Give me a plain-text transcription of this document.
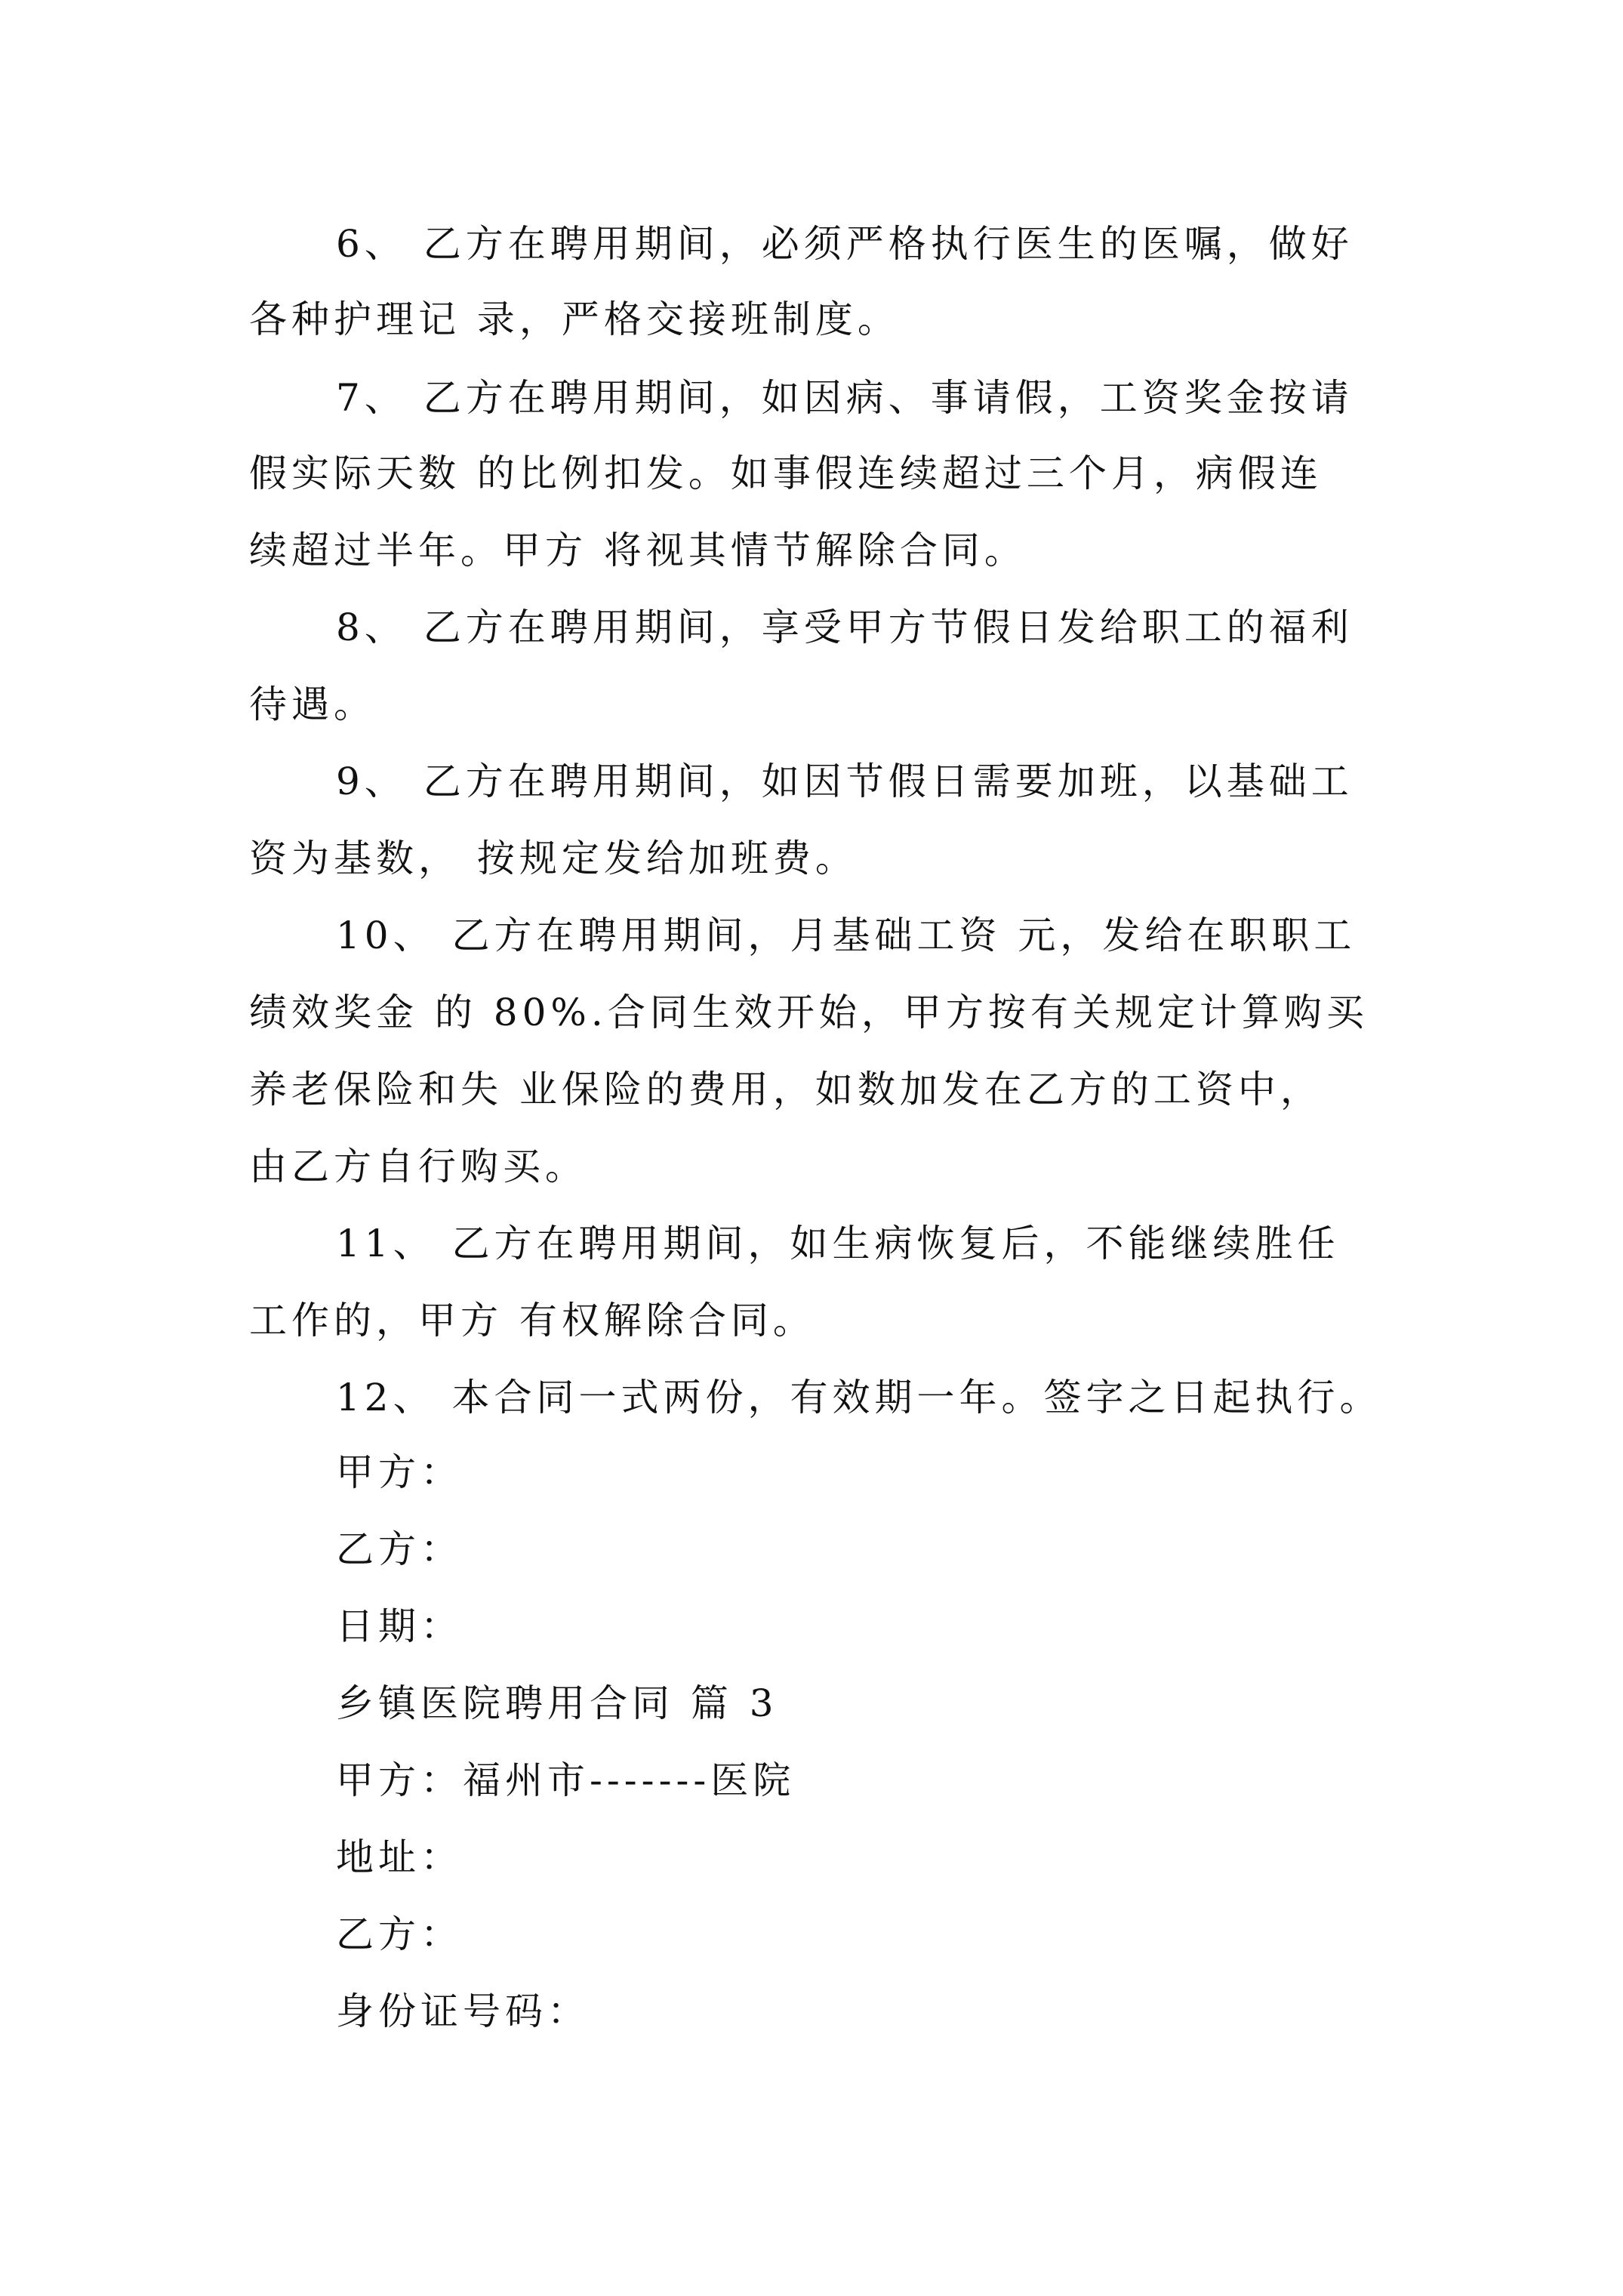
6、 乙方在聘用期间，必须严格执行医生的医嘱，做好
各种护理记 录，严格交接班制度。
7、 乙方在聘用期间，如因病、事请假，工资奖金按请
假实际天数 的比例扣发。如事假连续超过三个月，病假连
续超过半年。甲方 将视其情节解除合同。
8、 乙方在聘用期间，享受甲方节假日发给职工的福利
待遇。
9、 乙方在聘用期间，如因节假日需要加班，以基础工
资为基数， 按规定发给加班费。
10、 乙方在聘用期间，月基础工资 元，发给在职职工
绩效奖金 的 80%.合同生效开始，甲方按有关规定计算购买
养老保险和失 业保险的费用，如数加发在乙方的工资中，
由乙方自行购买。
11、 乙方在聘用期间，如生病恢复后，不能继续胜任
工作的，甲方 有权解除合同。
12、 本合同一式两份，有效期一年。签字之日起执行。
甲方：
乙方：
日期：
乡镇医院聘用合同 篇 3
甲方：福州市-------医院
地址：
乙方：
身份证号码：
